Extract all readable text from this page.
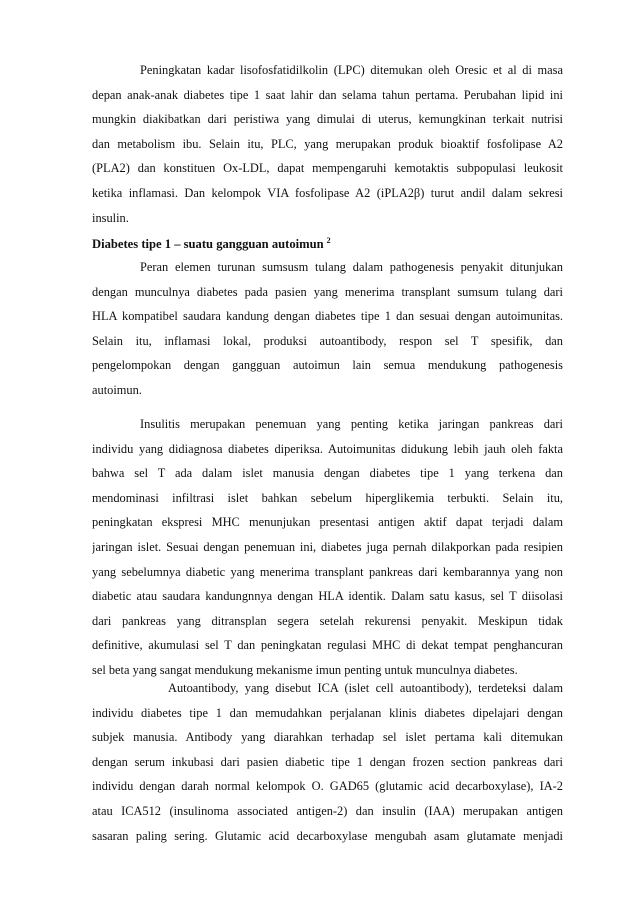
Peningkatan kadar lisofosfatidilkolin (LPC) ditemukan oleh Oresic et al di masa
depan anak-anak diabetes tipe 1 saat lahir dan selama tahun pertama. Perubahan lipid ini
mungkin diakibatkan dari peristiwa yang dimulai di uterus, kemungkinan terkait nutrisi
dan metabolism ibu. Selain itu, PLC, yang merupakan produk bioaktif fosfolipase A2
(PLA2) dan konstituen Ox-LDL, dapat mempengaruhi kemotaktis subpopulasi leukosit
ketika inflamasi. Dan kelompok VIA fosfolipase A2 (iPLA2β) turut andil dalam sekresi
insulin.
Diabetes tipe 1 – suatu gangguan autoimun $^2$
Peran elemen turunan sumsusm tulang dalam pathogenesis penyakit ditunjukan
dengan munculnya diabetes pada pasien yang menerima transplant sumsum tulang dari
HLA kompatibel saudara kandung dengan diabetes tipe 1 dan sesuai dengan autoimunitas.
Selain itu, inflamasi lokal, produksi autoantibody, respon sel T spesifik, dan
pengelompokan dengan gangguan autoimun lain semua mendukung pathogenesis
autoimun.
Insulitis merupakan penemuan yang penting ketika jaringan pankreas dari
individu yang didiagnosa diabetes diperiksa. Autoimunitas didukung lebih jauh oleh fakta
bahwa sel T ada dalam islet manusia dengan diabetes tipe 1 yang terkena dan
mendominasi infiltrasi islet bahkan sebelum hiperglikemia terbukti. Selain itu,
peningkatan ekspresi MHC menunjukan presentasi antigen aktif dapat terjadi dalam
jaringan islet. Sesuai dengan penemuan ini, diabetes juga pernah dilakporkan pada resipien
yang sebelumnya diabetic yang menerima transplant pankreas dari kembarannya yang non
diabetic atau saudara kandungnnya dengan HLA identik. Dalam satu kasus, sel T diisolasi
dari pankreas yang ditransplan segera setelah rekurensi penyakit. Meskipun tidak
definitive, akumulasi sel T dan peningkatan regulasi MHC di dekat tempat penghancuran
sel beta yang sangat mendukung mekanisme imun penting untuk munculnya diabetes.
Autoantibody, yang disebut ICA (islet cell autoantibody), terdeteksi dalam
individu diabetes tipe 1 dan memudahkan perjalanan klinis diabetes dipelajari dengan
subjek manusia. Antibody yang diarahkan terhadap sel islet pertama kali ditemukan
dengan serum inkubasi dari pasien diabetic tipe 1 dengan frozen section pankreas dari
individu dengan darah normal kelompok O. GAD65 (glutamic acid decarboxylase), IA-2
atau ICA512 (insulinoma associated antigen-2) dan insulin (IAA) merupakan antigen
sasaran paling sering. Glutamic acid decarboxylase mengubah asam glutamate menjadi
